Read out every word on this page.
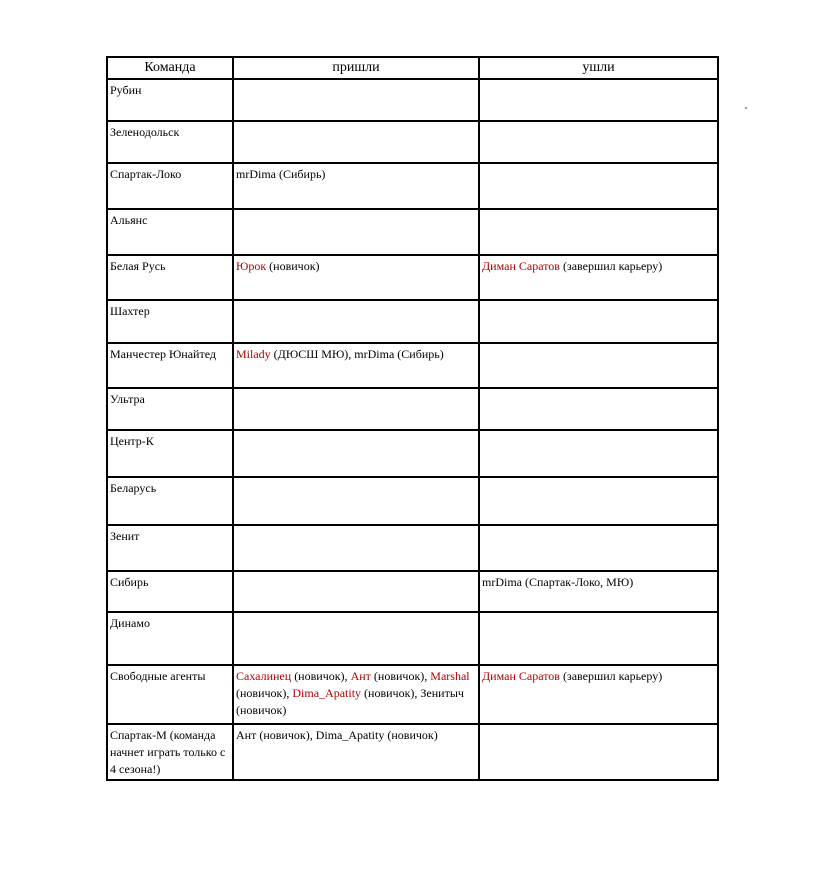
Команда	пришли	ушли
Рубин		
Зеленодольск		
Спартак-Локо	mrDima (Сибирь)	
Альянс		
Белая Русь	Юрок (новичок)	Диман Саратов (завершил карьеру)
Шахтер		
Манчестер Юнайтед	Milady (ДЮСШ МЮ), mrDima (Сибирь)	
Ультра		
Центр-К		
Беларусь		
Зенит		
Сибирь		mrDima (Спартак-Локо, МЮ)
Динамо		
Свободные агенты	Сахалинец (новичок), Ант (новичок), Marshal (новичок), Dima_Apatity (новичок), Зенитыч (новичок)	Диман Саратов (завершил карьеру)
Спартак-М (команда начнет играть только с 4 сезона!)	Ант (новичок), Dima_Apatity (новичок)	
